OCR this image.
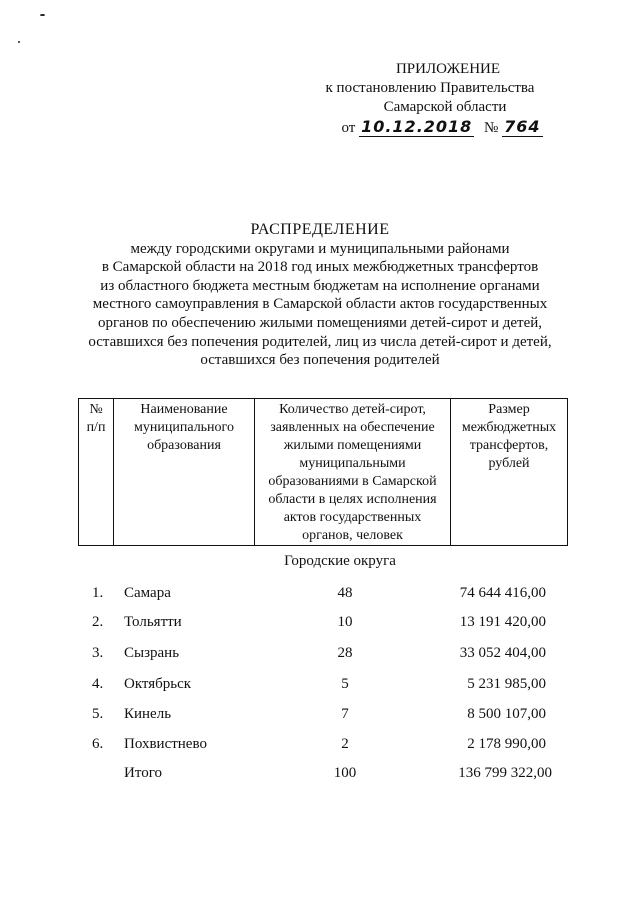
ПРИЛОЖЕНИЕ
к постановлению Правительства
Самарской области
от 10.12.2018 № 764
РАСПРЕДЕЛЕНИЕ
между городскими округами и муниципальными районами
в Самарской области на 2018 год иных межбюджетных трансфертов
из областного бюджета местным бюджетам на исполнение органами
местного самоуправления в Самарской области актов государственных
органов по обеспечению жилыми помещениями детей-сирот и детей,
оставшихся без попечения родителей, лиц из числа детей-сирот и детей,
оставшихся без попечения родителей
№ п/п	Наименование муниципального образования	Количество детей-сирот, заявленных на обеспечение жилыми помещениями муниципальными образованиями в Самарской области в целях исполнения актов государственных органов, человек	Размер межбюджетных трансфертов, рублей
Городские округа
1. Самара	48	74 644 416,00
2. Тольятти	10	13 191 420,00
3. Сызрань	28	33 052 404,00
4. Октябрьск	5	5 231 985,00
5. Кинель	7	8 500 107,00
6. Похвистнево	2	2 178 990,00
Итого	100	136 799 322,00
